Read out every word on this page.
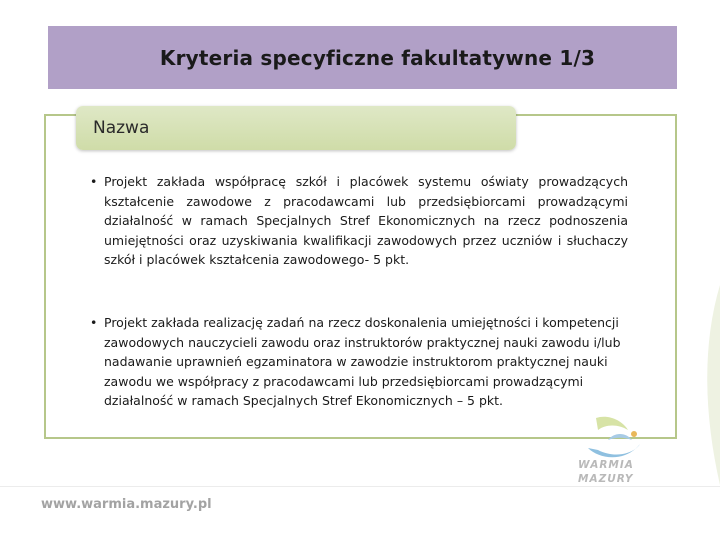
Kryteria specyficzne fakultatywne 1/3
Nazwa
• Projekt zakłada współpracę szkół i placówek systemu oświaty prowadzących kształcenie zawodowe z pracodawcami lub przedsiębiorcami prowadzącymi działalność w ramach Specjalnych Stref Ekonomicznych na rzecz podnoszenia umiejętności oraz uzyskiwania kwalifikacji zawodowych przez uczniów i słuchaczy szkół i placówek kształcenia zawodowego- 5 pkt.
• Projekt zakłada realizację zadań na rzecz doskonalenia umiejętności i kompetencji zawodowych nauczycieli zawodu oraz instruktorów praktycznej nauki zawodu i/lub nadawanie uprawnień egzaminatora w zawodzie instruktorom praktycznej nauki zawodu we współpracy z pracodawcami lub przedsiębiorcami prowadzącymi działalność w ramach Specjalnych Stref Ekonomicznych – 5 pkt.
WARMIA
MAZURY
www.warmia.mazury.pl
